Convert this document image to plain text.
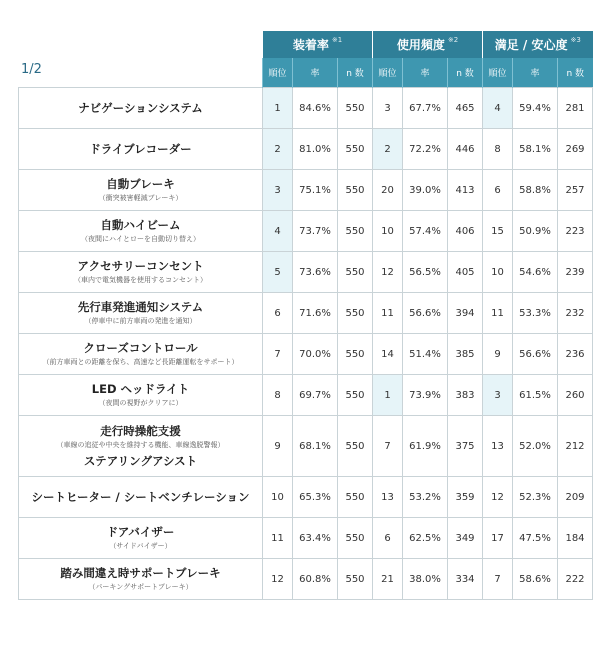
1/2
	装着率 $^{※1}$			使用頻度 $^{※2}$			満足 / 安心度 $^{※3}$
	順位	率	n 数	順位	率	n 数	順位	率	n 数

ナビゲーションシステム	1	84.6%	550	3	67.7%	465	4	59.4%	281

ドライブレコーダー	2	81.0%	550	2	72.2%	446	8	58.1%	269

自動ブレーキ
（衝突被害軽減ブレーキ）	3	75.1%	550	20	39.0%	413	6	58.8%	257

自動ハイビーム
（夜間にハイとローを自動切り替え）	4	73.7%	550	10	57.4%	406	15	50.9%	223

アクセサリーコンセント
（車内で電気機器を使用するコンセント）	5	73.6%	550	12	56.5%	405	10	54.6%	239

先行車発進通知システム
（停車中に前方車両の発進を通知）	6	71.6%	550	11	56.6%	394	11	53.3%	232

クローズコントロール
（前方車両との距離を保ち、高速など長距離運転をサポート）	7	70.0%	550	14	51.4%	385	9	56.6%	236

LED ヘッドライト
（夜間の視野がクリアに）	8	69.7%	550	1	73.9%	383	3	61.5%	260

走行時操舵支援
（車線の追従や中央を維持する機能、車線逸脱警報）
ステアリングアシスト	9	68.1%	550	7	61.9%	375	13	52.0%	212

シートヒーター / シートベンチレーション	10	65.3%	550	13	53.2%	359	12	52.3%	209

ドアバイザー
（サイドバイザー）	11	63.4%	550	6	62.5%	349	17	47.5%	184

踏み間違え時サポートブレーキ
（パーキングサポートブレーキ）	12	60.8%	550	21	38.0%	334	7	58.6%	222
